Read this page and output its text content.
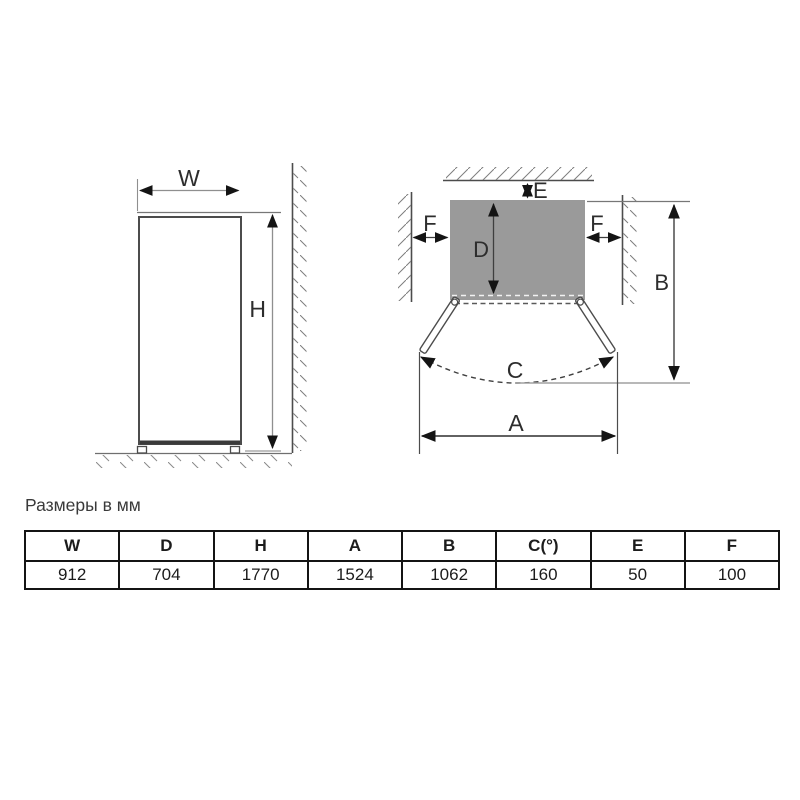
W
H
E
D
F	F
C
B
A
Размеры в мм
W	D	H	A	B	C(°)	E	F
912	704	1770	1524	1062	160	50	100
